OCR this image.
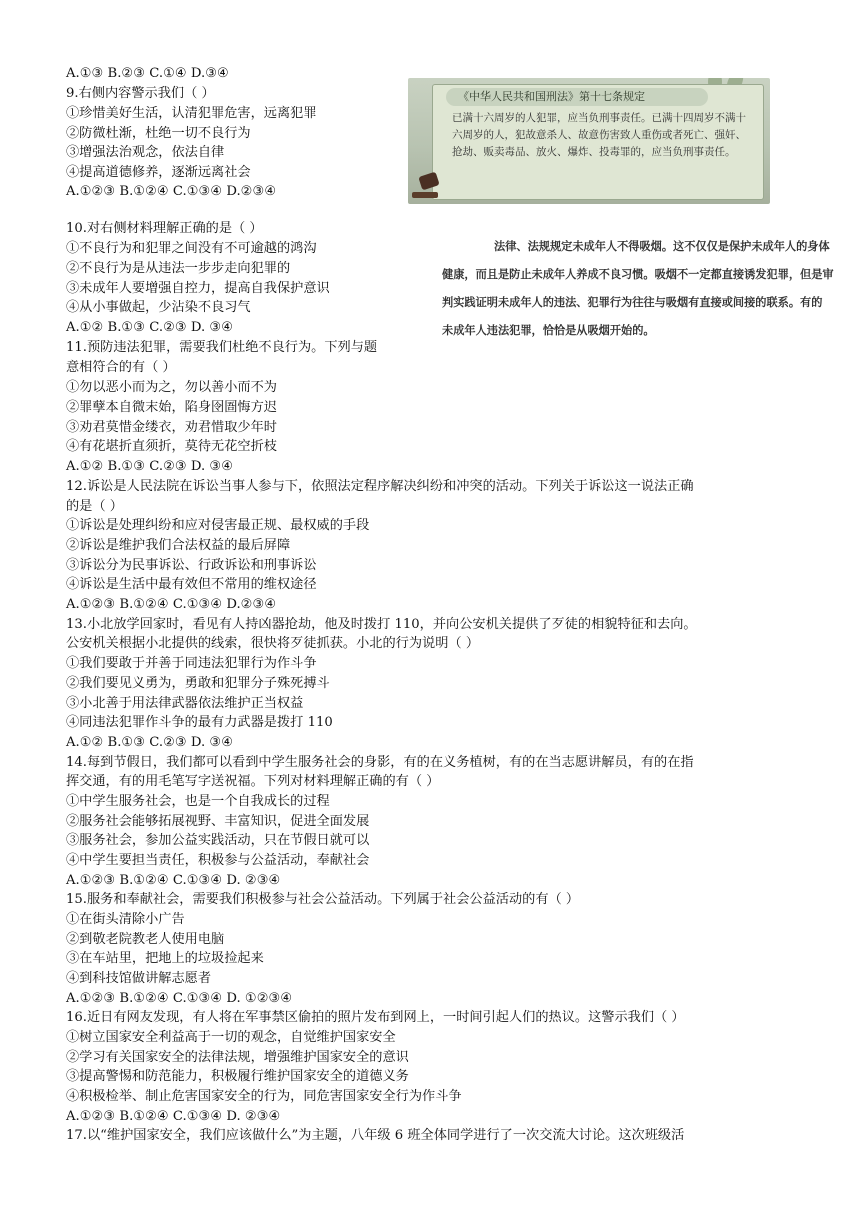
A.①③ B.②③ C.①④ D.③④
9.右侧内容警示我们（ ）
①珍惜美好生活，认清犯罪危害，远离犯罪
②防微杜渐，杜绝一切不良行为
③增强法治观念，依法自律
④提高道德修养，逐渐远离社会
A.①②③ B.①②④ C.①③④ D.②③④
10.对右侧材料理解正确的是（ ）
①不良行为和犯罪之间没有不可逾越的鸿沟
②不良行为是从违法一步步走向犯罪的
③未成年人要增强自控力，提高自我保护意识
④从小事做起，少沾染不良习气
A.①② B.①③ C.②③ D. ③④
11.预防违法犯罪，需要我们杜绝不良行为。下列与题
意相符合的有（ ）
①勿以恶小而为之，勿以善小而不为
②罪孽本自微末始，陷身囹圄悔方迟
③劝君莫惜金缕衣，劝君惜取少年时
④有花堪折直须折，莫待无花空折枝
A.①② B.①③ C.②③ D. ③④
12.诉讼是人民法院在诉讼当事人参与下，依照法定程序解决纠纷和冲突的活动。下列关于诉讼这一说法正确
的是（ ）
①诉讼是处理纠纷和应对侵害最正规、最权威的手段
②诉讼是维护我们合法权益的最后屏障
③诉讼分为民事诉讼、行政诉讼和刑事诉讼
④诉讼是生活中最有效但不常用的维权途径
A.①②③ B.①②④ C.①③④ D.②③④
13.小北放学回家时，看见有人持凶器抢劫，他及时拨打 110，并向公安机关提供了歹徒的相貌特征和去向。
公安机关根据小北提供的线索，很快将歹徒抓获。小北的行为说明（ ）
①我们要敢于并善于同违法犯罪行为作斗争
②我们要见义勇为，勇敢和犯罪分子殊死搏斗
③小北善于用法律武器依法维护正当权益
④同违法犯罪作斗争的最有力武器是拨打 110
A.①② B.①③ C.②③ D. ③④
14.每到节假日，我们都可以看到中学生服务社会的身影，有的在义务植树，有的在当志愿讲解员，有的在指
挥交通，有的用毛笔写字送祝福。下列对材料理解正确的有（ ）
①中学生服务社会，也是一个自我成长的过程
②服务社会能够拓展视野、丰富知识，促进全面发展
③服务社会，参加公益实践活动，只在节假日就可以
④中学生要担当责任，积极参与公益活动，奉献社会
A.①②③ B.①②④ C.①③④ D. ②③④
15.服务和奉献社会，需要我们积极参与社会公益活动。下列属于社会公益活动的有（ ）
①在街头清除小广告
②到敬老院教老人使用电脑
③在车站里，把地上的垃圾捡起来
④到科技馆做讲解志愿者
A.①②③ B.①②④ C.①③④ D. ①②③④
16.近日有网友发现，有人将在军事禁区偷拍的照片发布到网上，一时间引起人们的热议。这警示我们（ ）
①树立国家安全利益高于一切的观念，自觉维护国家安全
②学习有关国家安全的法律法规，增强维护国家安全的意识
③提高警惕和防范能力，积极履行维护国家安全的道德义务
④积极检举、制止危害国家安全的行为，同危害国家安全行为作斗争
A.①②③ B.①②④ C.①③④ D. ②③④
17.以“维护国家安全，我们应该做什么”为主题，八年级 6 班全体同学进行了一次交流大讨论。这次班级活
《中华人民共和国刑法》第十七条规定
已满十六周岁的人犯罪，应当负刑事责任。已满十四周岁不满十六周岁的人，犯故意杀人、故意伤害致人重伤或者死亡、强奸、抢劫、贩卖毒品、放火、爆炸、投毒罪的，应当负刑事责任。

法律、法规规定未成年人不得吸烟。这不仅仅是保护未成年人的身体

健康，而且是防止未成年人养成不良习惯。吸烟不一定都直接诱发犯罪，但是审

判实践证明未成年人的违法、犯罪行为往往与吸烟有直接或间接的联系。有的

未成年人违法犯罪，恰恰是从吸烟开始的。
